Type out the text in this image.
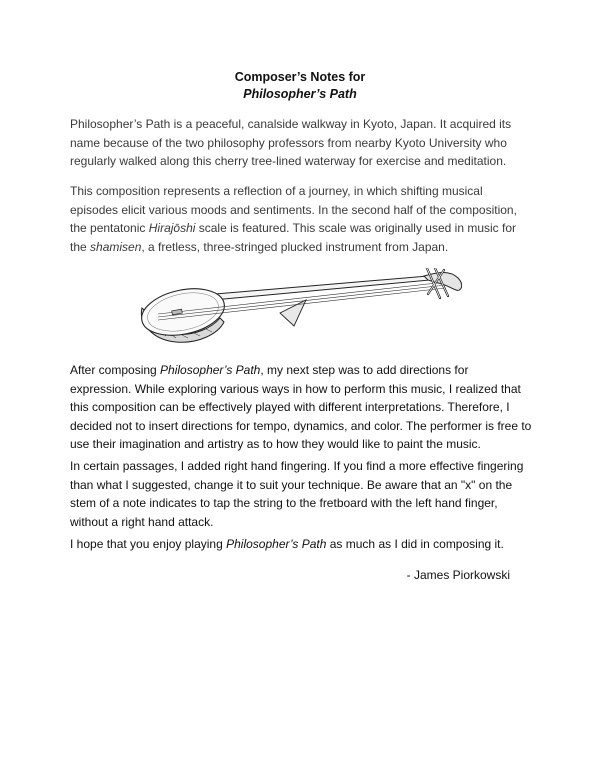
Composer’s Notes for
Philosopher’s Path

Philosopher’s Path is a peaceful, canalside walkway in Kyoto, Japan. It acquired its name because of the two philosophy professors from nearby Kyoto University who regularly walked along this cherry tree-lined waterway for exercise and meditation.

This composition represents a reflection of a journey, in which shifting musical episodes elicit various moods and sentiments. In the second half of the composition, the pentatonic Hirajōshi scale is featured. This scale was originally used in music for the shamisen, a fretless, three-stringed plucked instrument from Japan.

After composing Philosopher’s Path, my next step was to add directions for expression. While exploring various ways in how to perform this music, I realized that this composition can be effectively played with different interpretations. Therefore, I decided not to insert directions for tempo, dynamics, and color. The performer is free to use their imagination and artistry as to how they would like to paint the music.

In certain passages, I added right hand fingering. If you find a more effective fingering than what I suggested, change it to suit your technique. Be aware that an "x" on the stem of a note indicates to tap the string to the fretboard with the left hand finger, without a right hand attack.

I hope that you enjoy playing Philosopher’s Path as much as I did in composing it.

- James Piorkowski
